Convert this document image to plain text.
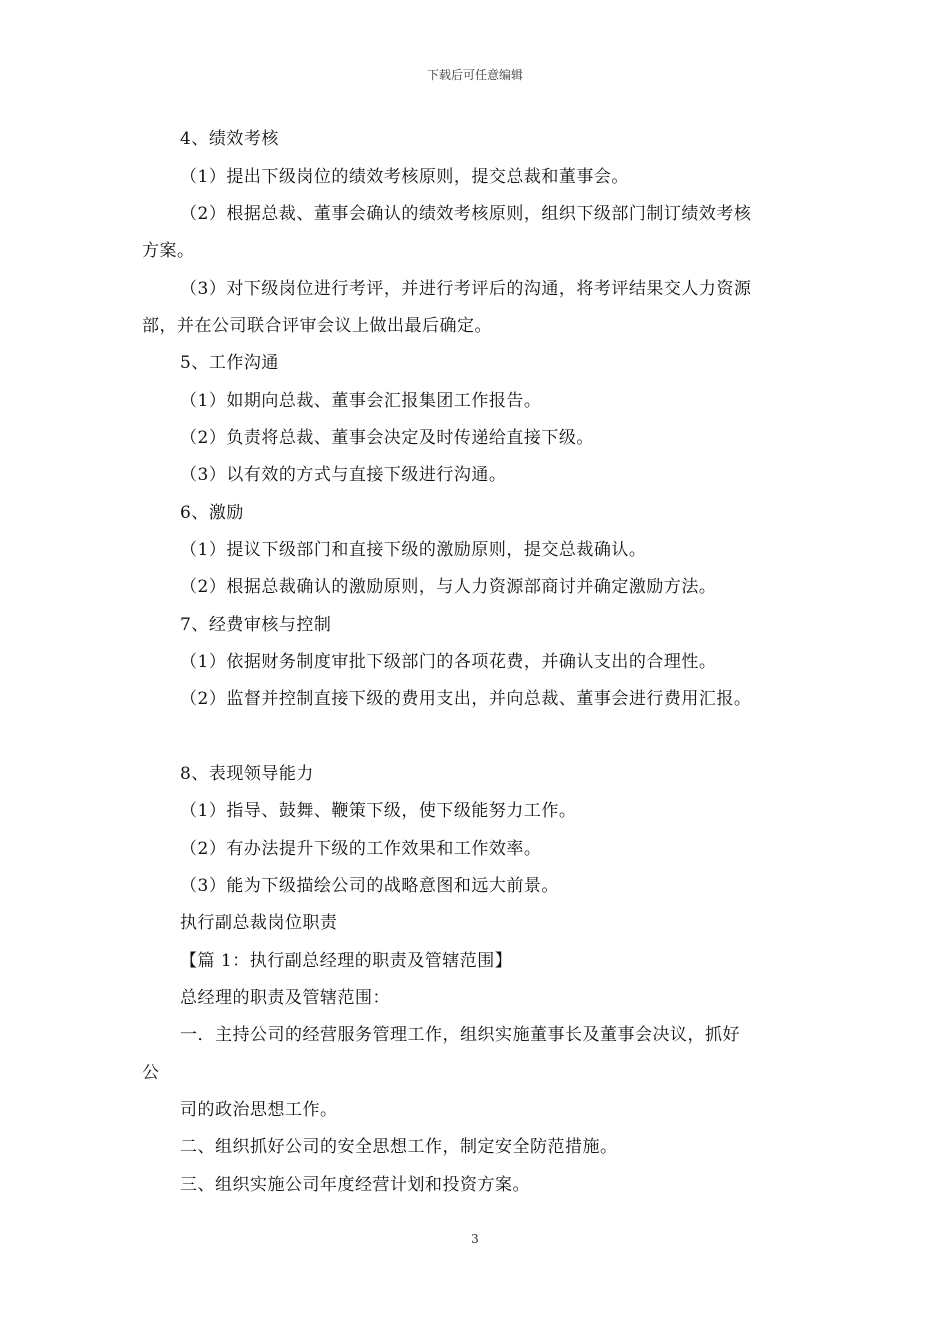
下载后可任意编辑
4、绩效考核
（1）提出下级岗位的绩效考核原则，提交总裁和董事会。
（2）根据总裁、董事会确认的绩效考核原则，组织下级部门制订绩效考核
方案。
（3）对下级岗位进行考评，并进行考评后的沟通，将考评结果交人力资源
部，并在公司联合评审会议上做出最后确定。
5、工作沟通
（1）如期向总裁、董事会汇报集团工作报告。
（2）负责将总裁、董事会决定及时传递给直接下级。
（3）以有效的方式与直接下级进行沟通。
6、激励
（1）提议下级部门和直接下级的激励原则，提交总裁确认。
（2）根据总裁确认的激励原则，与人力资源部商讨并确定激励方法。
7、经费审核与控制
（1）依据财务制度审批下级部门的各项花费，并确认支出的合理性。
（2）监督并控制直接下级的费用支出，并向总裁、董事会进行费用汇报。
8、表现领导能力
（1）指导、鼓舞、鞭策下级，使下级能努力工作。
（2）有办法提升下级的工作效果和工作效率。
（3）能为下级描绘公司的战略意图和远大前景。
执行副总裁岗位职责
【篇 1：执行副总经理的职责及管辖范围】
总经理的职责及管辖范围：
一．主持公司的经营服务管理工作，组织实施董事长及董事会决议，抓好
公
司的政治思想工作。
二、组织抓好公司的安全思想工作，制定安全防范措施。
三、组织实施公司年度经营计划和投资方案。
3
